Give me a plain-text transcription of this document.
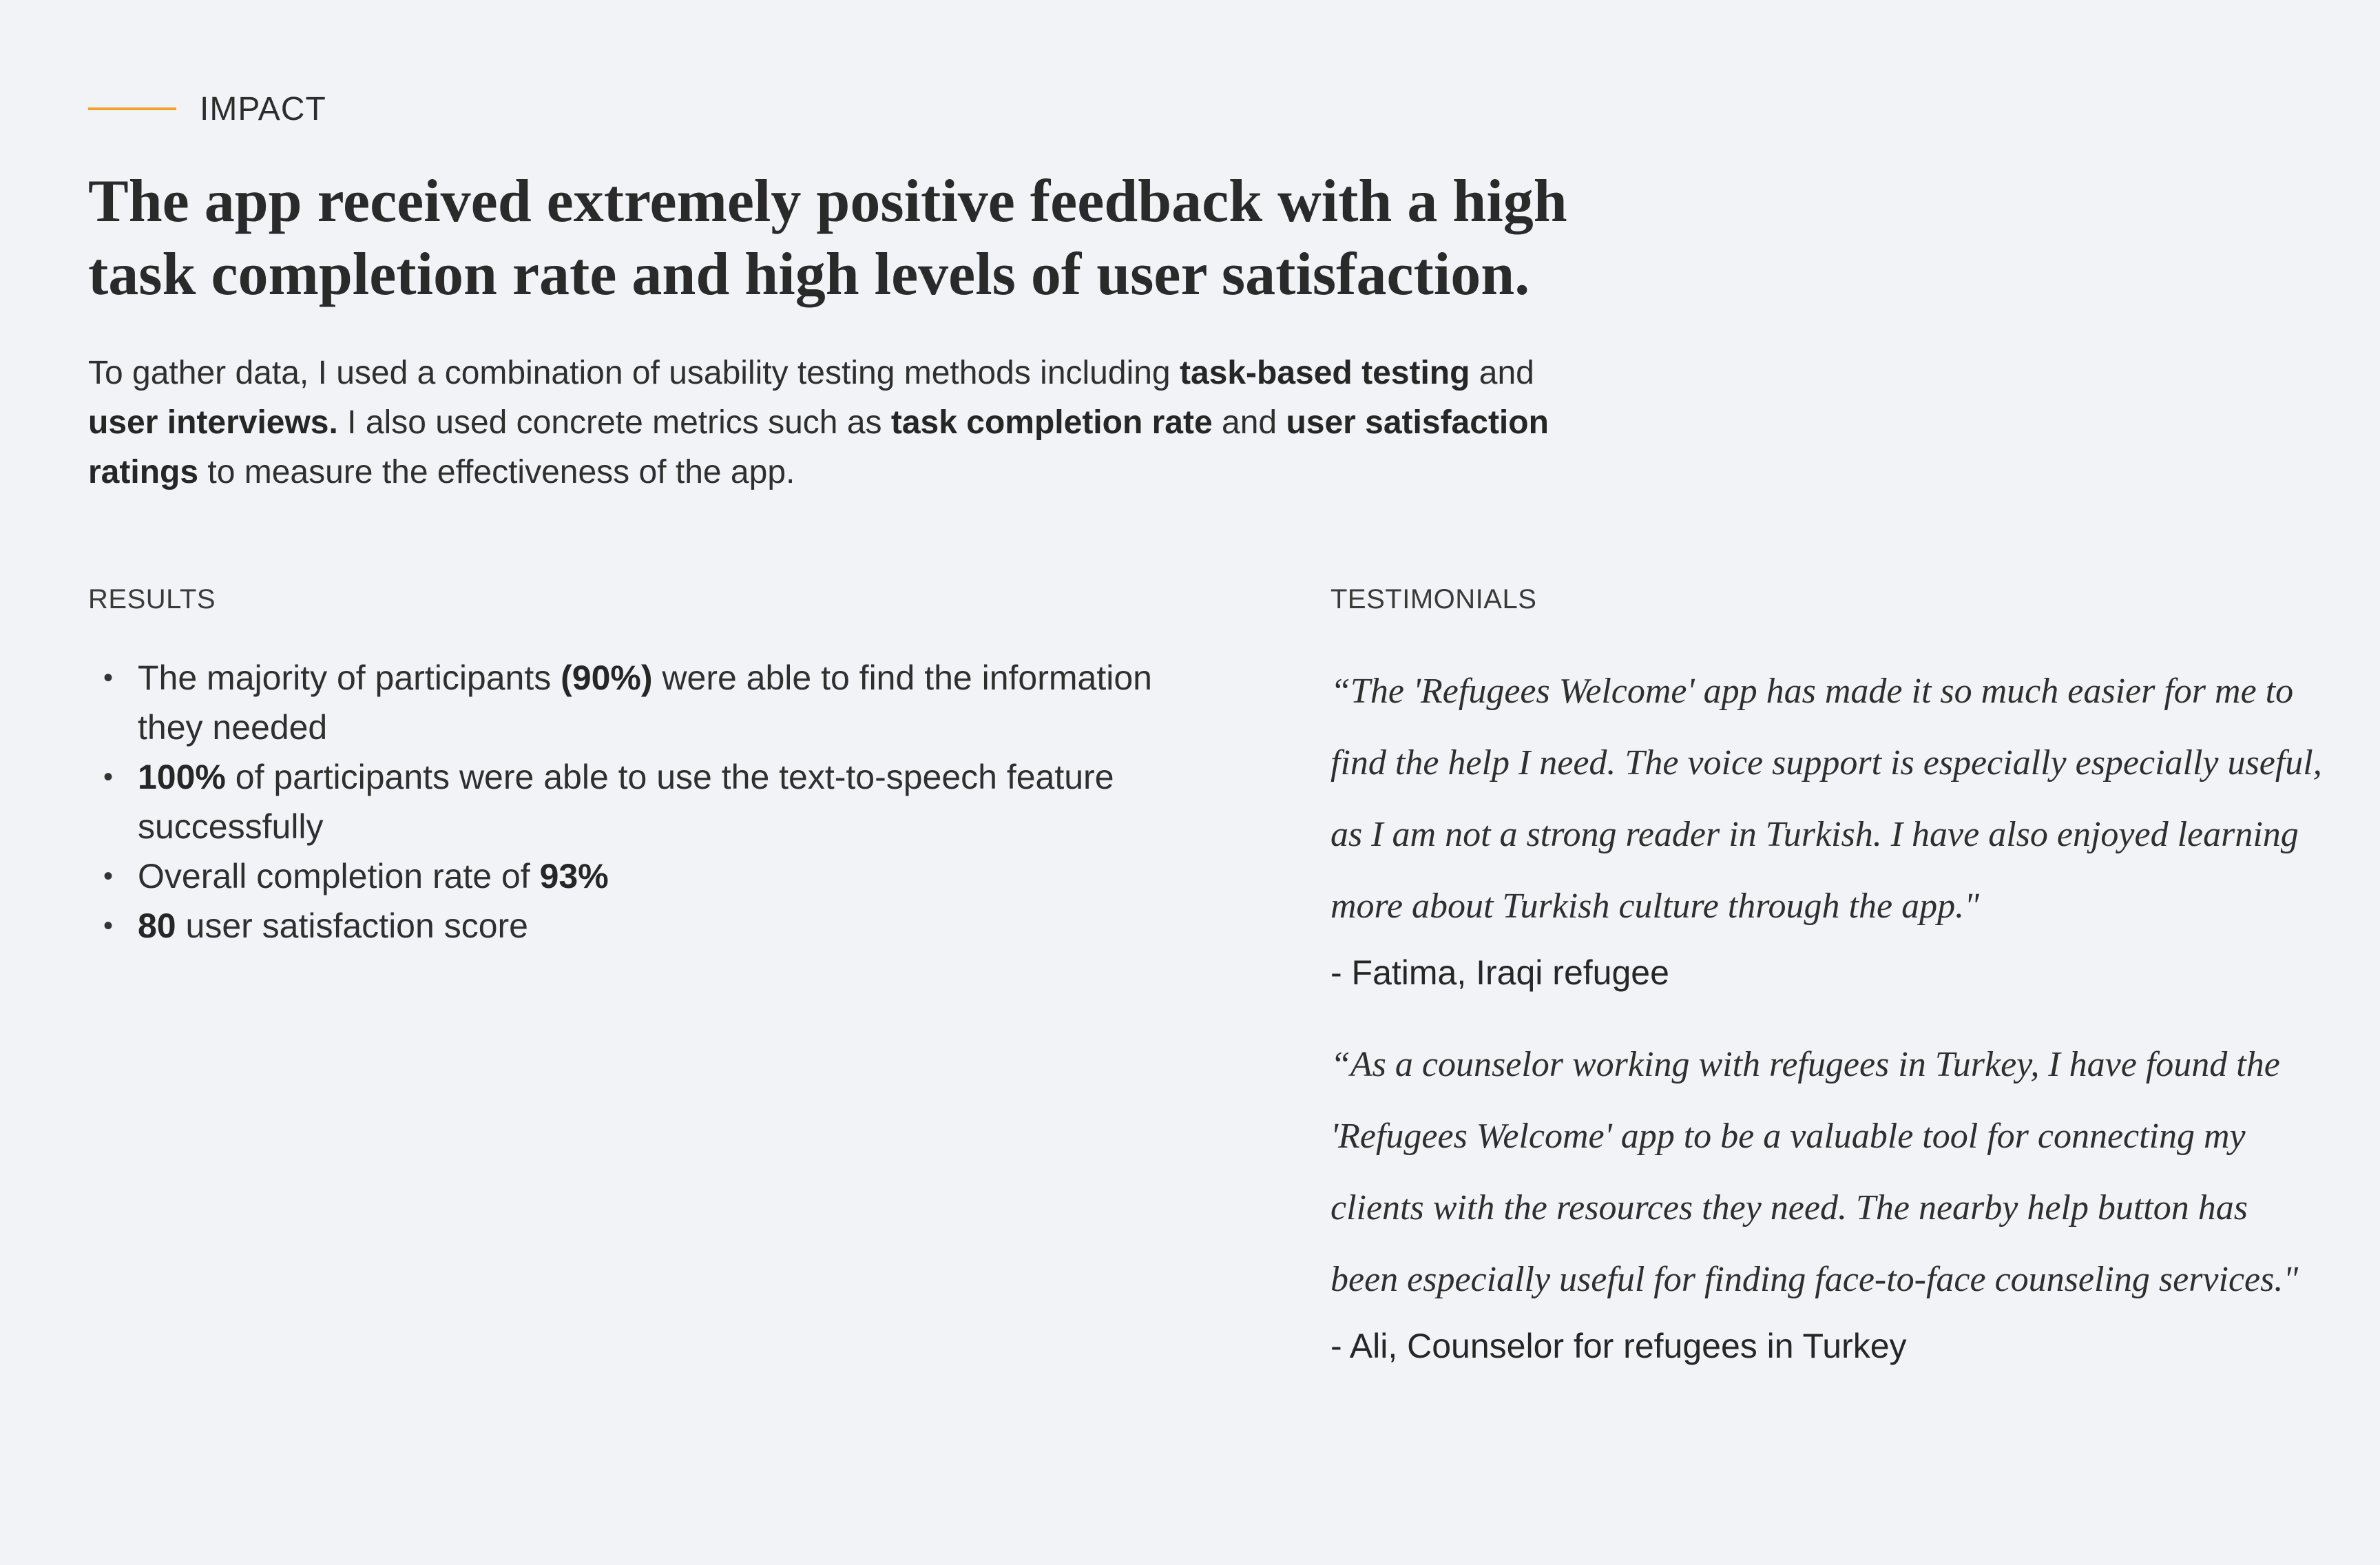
IMPACT
The app received extremely positive feedback with a high task completion rate and high levels of user satisfaction.

To gather data, I used a combination of usability testing methods including task-based testing and user interviews. I also used concrete metrics such as task completion rate and user satisfaction ratings to measure the effectiveness of the app.

RESULTS
• The majority of participants (90%) were able to find the information they needed
• 100% of participants were able to use the text-to-speech feature successfully
• Overall completion rate of 93%
• 80 user satisfaction score
TESTIMONIALS

“The 'Refugees Welcome' app has made it so much easier for me to find the help I need. The voice support is especially especially useful, as I am not a strong reader in Turkish. I have also enjoyed learning more about Turkish culture through the app."

- Fatima, Iraqi refugee

“As a counselor working with refugees in Turkey, I have found the 'Refugees Welcome' app to be a valuable tool for connecting my clients with the resources they need. The nearby help button has been especially useful for finding face-to-face counseling services."

- Ali, Counselor for refugees in Turkey
